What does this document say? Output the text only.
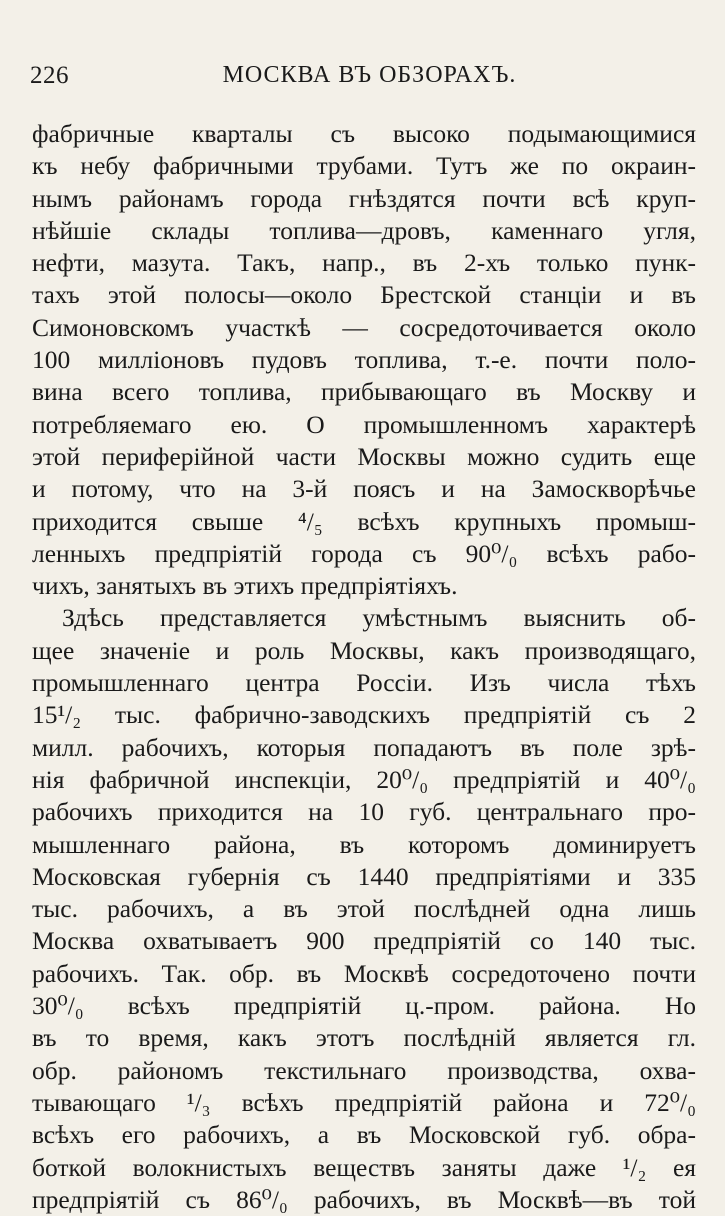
226	МОСКВА ВЪ ОБЗОРАХЪ.
фабричные кварталы съ высоко подымающимися
къ небу фабричными трубами. Тутъ же по окраин-
нымъ районамъ города гнѣздятся почти всѣ круп-
нѣйшіе склады топлива—дровъ, каменнаго угля,
нефти, мазута. Такъ, напр., въ 2-хъ только пунк-
тахъ этой полосы—около Брестской станціи и въ
Симоновскомъ участкѣ — сосредоточивается около
100 милліоновъ пудовъ топлива, т.-е. почти поло-
вина всего топлива, прибывающаго въ Москву и
потребляемаго ею. О промышленномъ характерѣ
этой периферійной части Москвы можно судить еще
и потому, что на 3-й поясъ и на Замоскворѣчье
приходится свыше ⁴/₅ всѣхъ крупныхъ промыш-
ленныхъ предпріятій города съ 90⁰/₀ всѣхъ рабо-
чихъ, занятыхъ въ этихъ предпріятіяхъ.
Здѣсь представляется умѣстнымъ выяснить об-
щее значеніе и роль Москвы, какъ производящаго,
промышленнаго центра Россіи. Изъ числа тѣхъ
15¹/₂ тыс. фабрично-заводскихъ предпріятій съ 2
милл. рабочихъ, которыя попадаютъ въ поле зрѣ-
нія фабричной инспекціи, 20⁰/₀ предпріятій и 40⁰/₀
рабочихъ приходится на 10 губ. центральнаго про-
мышленнаго района, въ которомъ доминируетъ
Московская губернія съ 1440 предпріятіями и 335
тыс. рабочихъ, а въ этой послѣдней одна лишь
Москва охватываетъ 900 предпріятій со 140 тыс.
рабочихъ. Так. обр. въ Москвѣ сосредоточено почти
30⁰/₀ всѣхъ предпріятій ц.-пром. района. Но
въ то время, какъ этотъ послѣдній является гл.
обр. райономъ текстильнаго производства, охва-
тывающаго ¹/₃ всѣхъ предпріятій района и 72⁰/₀
всѣхъ его рабочихъ, а въ Московской губ. обра-
боткой волокнистыхъ веществъ заняты даже ¹/₂ ея
предпріятій съ 86⁰/₀ рабочихъ, въ Москвѣ—въ той
